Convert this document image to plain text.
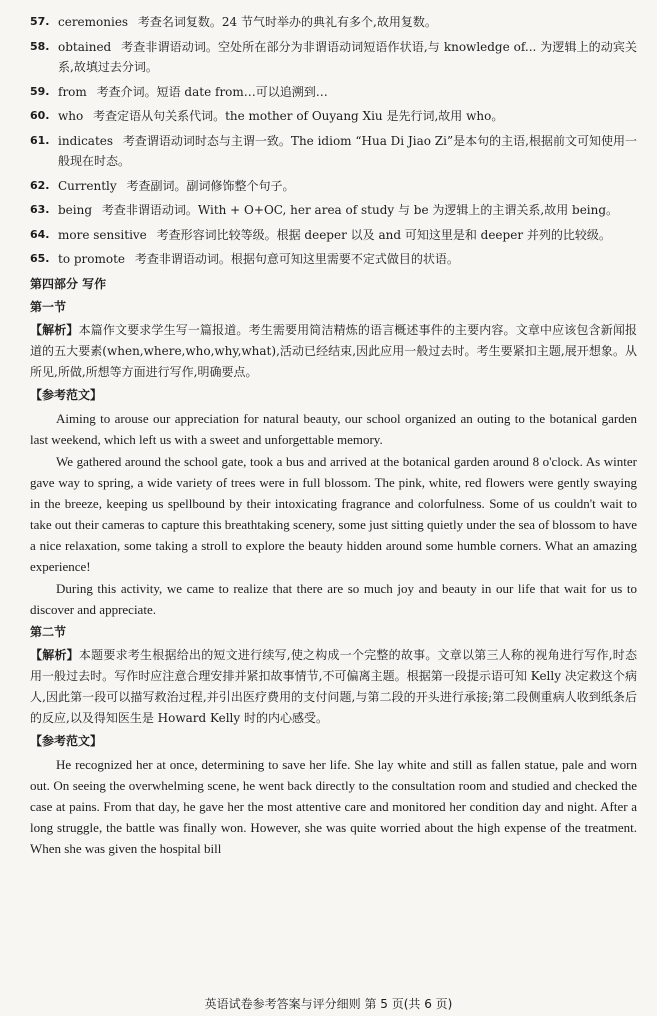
57. ceremonies 考查名词复数。24 节气时举办的典礼有多个,故用复数。
58. obtained 考查非谓语动词。空处所在部分为非谓语动词短语作状语,与 knowledge of... 为逻辑上的动宾关系,故填过去分词。
59. from 考查介词。短语 date from…可以追溯到…
60. who 考查定语从句关系代词。the mother of Ouyang Xiu 是先行词,故用 who。
61. indicates 考查谓语动词时态与主谓一致。The idiom “Hua Di Jiao Zi”是本句的主语,根据前文可知使用一般现在时态。
62. Currently 考查副词。副词修饰整个句子。
63. being 考查非谓语动词。With + O+OC, her area of study 与 be 为逻辑上的主谓关系,故用 being。
64. more sensitive 考查形容词比较等级。根据 deeper 以及 and 可知这里是和 deeper 并列的比较级。
65. to promote 考查非谓语动词。根据句意可知这里需要不定式做目的状语。
第四部分 写作
第一节

【解析】本篇作文要求学生写一篇报道。考生需要用简洁精炼的语言概述事件的主要内容。文章中应该包含新闻报道的五大要素(when,where,who,why,what),活动已经结束,因此应用一般过去时。考生要紧扣主题,展开想象。从所见,所做,所想等方面进行写作,明确要点。

【参考范文】

Aiming to arouse our appreciation for natural beauty, our school organized an outing to the botanical garden last weekend, which left us with a sweet and unforgettable memory.

We gathered around the school gate, took a bus and arrived at the botanical garden around 8 o'clock. As winter gave way to spring, a wide variety of trees were in full blossom. The pink, white, red flowers were gently swaying in the breeze, keeping us spellbound by their intoxicating fragrance and colorfulness. Some of us couldn't wait to take out their cameras to capture this breathtaking scenery, some just sitting quietly under the sea of blossom to have a nice relaxation, some taking a stroll to explore the beauty hidden around some humble corners. What an amazing experience!

During this activity, we came to realize that there are so much joy and beauty in our life that wait for us to discover and appreciate.

第二节

【解析】本题要求考生根据给出的短文进行续写,使之构成一个完整的故事。文章以第三人称的视角进行写作,时态用一般过去时。写作时应注意合理安排并紧扣故事情节,不可偏离主题。根据第一段提示语可知 Kelly 决定救这个病人,因此第一段可以描写救治过程,并引出医疗费用的支付问题,与第二段的开头进行承接;第二段侧重病人收到纸条后的反应,以及得知医生是 Howard Kelly 时的内心感受。

【参考范文】

He recognized her at once, determining to save her life. She lay white and still as fallen statue, pale and worn out. On seeing the overwhelming scene, he went back directly to the consultation room and studied and checked the case at pains. From that day, he gave her the most attentive care and monitored her condition day and night. After a long struggle, the battle was finally won. However, she was quite worried about the high expense of the treatment. When she was given the hospital bill

英语试卷参考答案与评分细则 第 5 页(共 6 页)
